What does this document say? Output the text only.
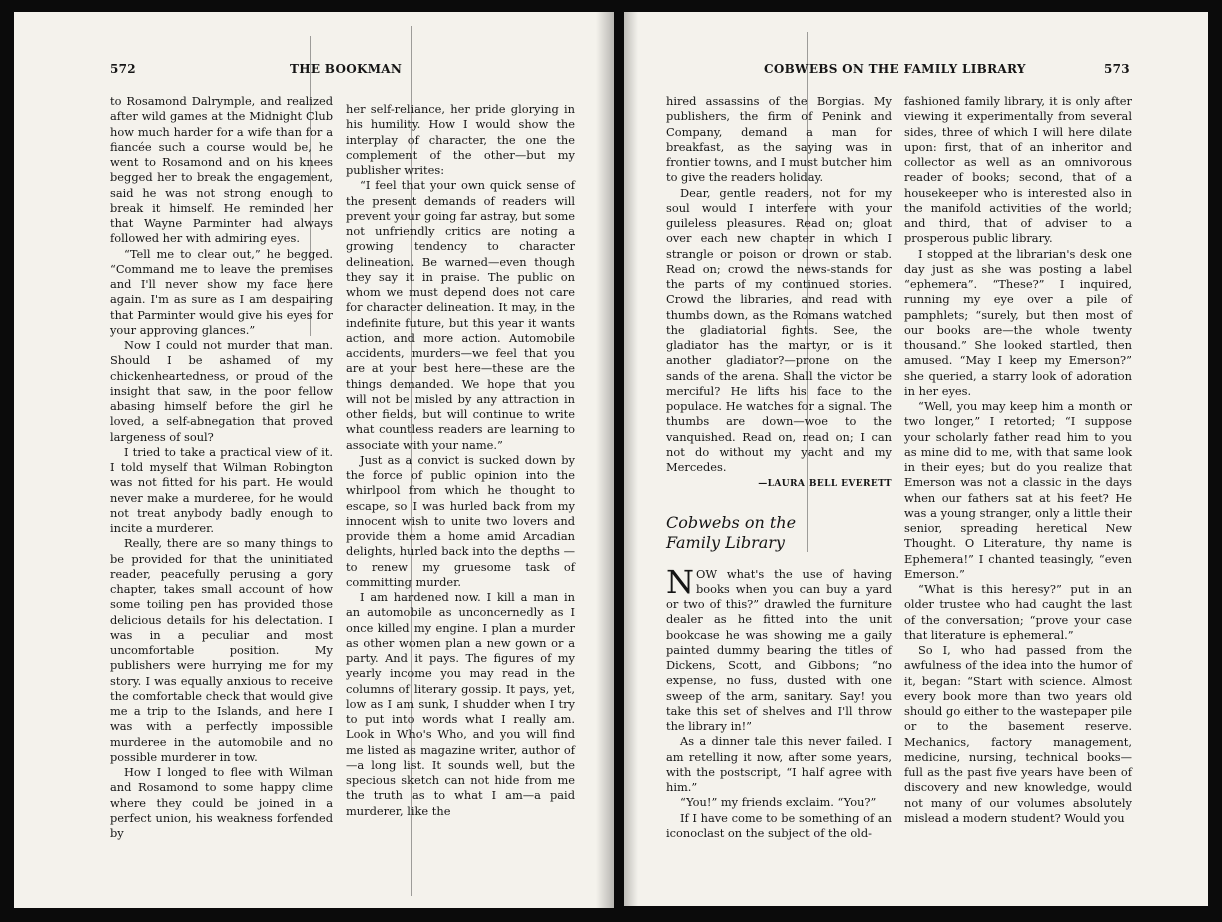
572	THE BOOKMAN

to Rosamond Dalrymple, and realized after wild games at the Midnight Club how much harder for a wife than for a fiancée such a course would be, he went to Rosamond and on his knees begged her to break the engagement, said he was not strong enough to break it himself. He reminded her that Wayne Parminter had always followed her with admiring eyes.

“Tell me to clear out,” he begged. “Command me to leave the premises and I'll never show my face here again. I'm as sure as I am despairing that Parminter would give his eyes for your approving glances.”

Now I could not murder that man. Should I be ashamed of my chickenheartedness, or proud of the insight that saw, in the poor fellow abasing himself before the girl he loved, a self-abnegation that proved largeness of soul?

I tried to take a practical view of it. I told myself that Wilman Robington was not fitted for his part. He would never make a murderee, for he would not treat anybody badly enough to incite a murderer.

Really, there are so many things to be provided for that the uninitiated reader, peacefully perusing a gory chapter, takes small account of how some toiling pen has provided those delicious details for his delectation. I was in a peculiar and most uncomfortable position. My publishers were hurrying me for my story. I was equally anxious to receive the comfortable check that would give me a trip to the Islands, and here I was with a perfectly impossible murderee in the automobile and no possible murderer in tow.

How I longed to flee with Wilman and Rosamond to some happy clime where they could be joined in a perfect union, his weakness forfended by

her self-reliance, her pride glorying in his humility. How I would show the interplay of character, the one the complement of the other—but my publisher writes:

“I feel that your own quick sense of the present demands of readers will prevent your going far astray, but some not unfriendly critics are noting a growing tendency to character delineation. Be warned—even though they say it in praise. The public on whom we must depend does not care for character delineation. It may, in the indefinite future, but this year it wants action, and more action. Automobile accidents, murders—we feel that you are at your best here—these are the things demanded. We hope that you will not be misled by any attraction in other fields, but will continue to write what countless readers are learning to associate with your name.”

Just as a convict is sucked down by the force of public opinion into the whirlpool from which he thought to escape, so I was hurled back from my innocent wish to unite two lovers and provide them a home amid Arcadian delights, hurled back into the depths —to renew my gruesome task of committing murder.

I am hardened now. I kill a man in an automobile as unconcernedly as I once killed my engine. I plan a murder as other women plan a new gown or a party. And it pays. The figures of my yearly income you may read in the columns of literary gossip. It pays, yet, low as I am sunk, I shudder when I try to put into words what I really am. Look in Who's Who, and you will find me listed as magazine writer, author of—a long list. It sounds well, but the specious sketch can not hide from me the truth as to what I am—a paid murderer, like the

COBWEBS ON THE FAMILY LIBRARY	573

hired assassins of the Borgias. My publishers, the firm of Penink and Company, demand a man for breakfast, as the saying was in frontier towns, and I must butcher him to give the readers holiday.

Dear, gentle readers, not for my soul would I interfere with your guileless pleasures. Read on; gloat over each new chapter in which I strangle or poison or drown or stab. Read on; crowd the news-stands for the parts of my continued stories. Crowd the libraries, and read with thumbs down, as the Romans watched the gladiatorial fights. See, the gladiator has the martyr, or is it another gladiator?—prone on the sands of the arena. Shall the victor be merciful? He lifts his face to the populace. He watches for a signal. The thumbs are down—woe to the vanquished. Read on, read on; I can not do without my yacht and my Mercedes.

—LAURA BELL EVERETT
Cobwebs on the
Family Library
N OW what's the use of having books when you can buy a yard or two of this?” drawled the furniture dealer as he fitted into the unit bookcase he was showing me a gaily painted dummy bearing the titles of Dickens, Scott, and Gibbons; “no expense, no fuss, dusted with one sweep of the arm, sanitary. Say! you take this set of shelves and I'll throw the library in!”

As a dinner tale this never failed. I am retelling it now, after some years, with the postscript, “I half agree with him.”

“You!” my friends exclaim. “You?”

If I have come to be something of an iconoclast on the subject of the old-

fashioned family library, it is only after viewing it experimentally from several sides, three of which I will here dilate upon: first, that of an inheritor and collector as well as an omnivorous reader of books; second, that of a housekeeper who is interested also in the manifold activities of the world; and third, that of adviser to a prosperous public library.

I stopped at the librarian's desk one day just as she was posting a label “ephemera”. “These?” I inquired, running my eye over a pile of pamphlets; “surely, but then most of our books are—the whole twenty thousand.” She looked startled, then amused. “May I keep my Emerson?” she queried, a starry look of adoration in her eyes.

“Well, you may keep him a month or two longer,” I retorted; “I suppose your scholarly father read him to you as mine did to me, with that same look in their eyes; but do you realize that Emerson was not a classic in the days when our fathers sat at his feet? He was a young stranger, only a little their senior, spreading heretical New Thought. O Literature, thy name is Ephemera!” I chanted teasingly, “even Emerson.”

“What is this heresy?” put in an older trustee who had caught the last of the conversation; “prove your case that literature is ephemeral.”

So I, who had passed from the awfulness of the idea into the humor of it, began: “Start with science. Almost every book more than two years old should go either to the wastepaper pile or to the basement reserve. Mechanics, factory management, medicine, nursing, technical books—full as the past five years have been of discovery and new knowledge, would not many of our volumes absolutely mislead a modern student? Would you
